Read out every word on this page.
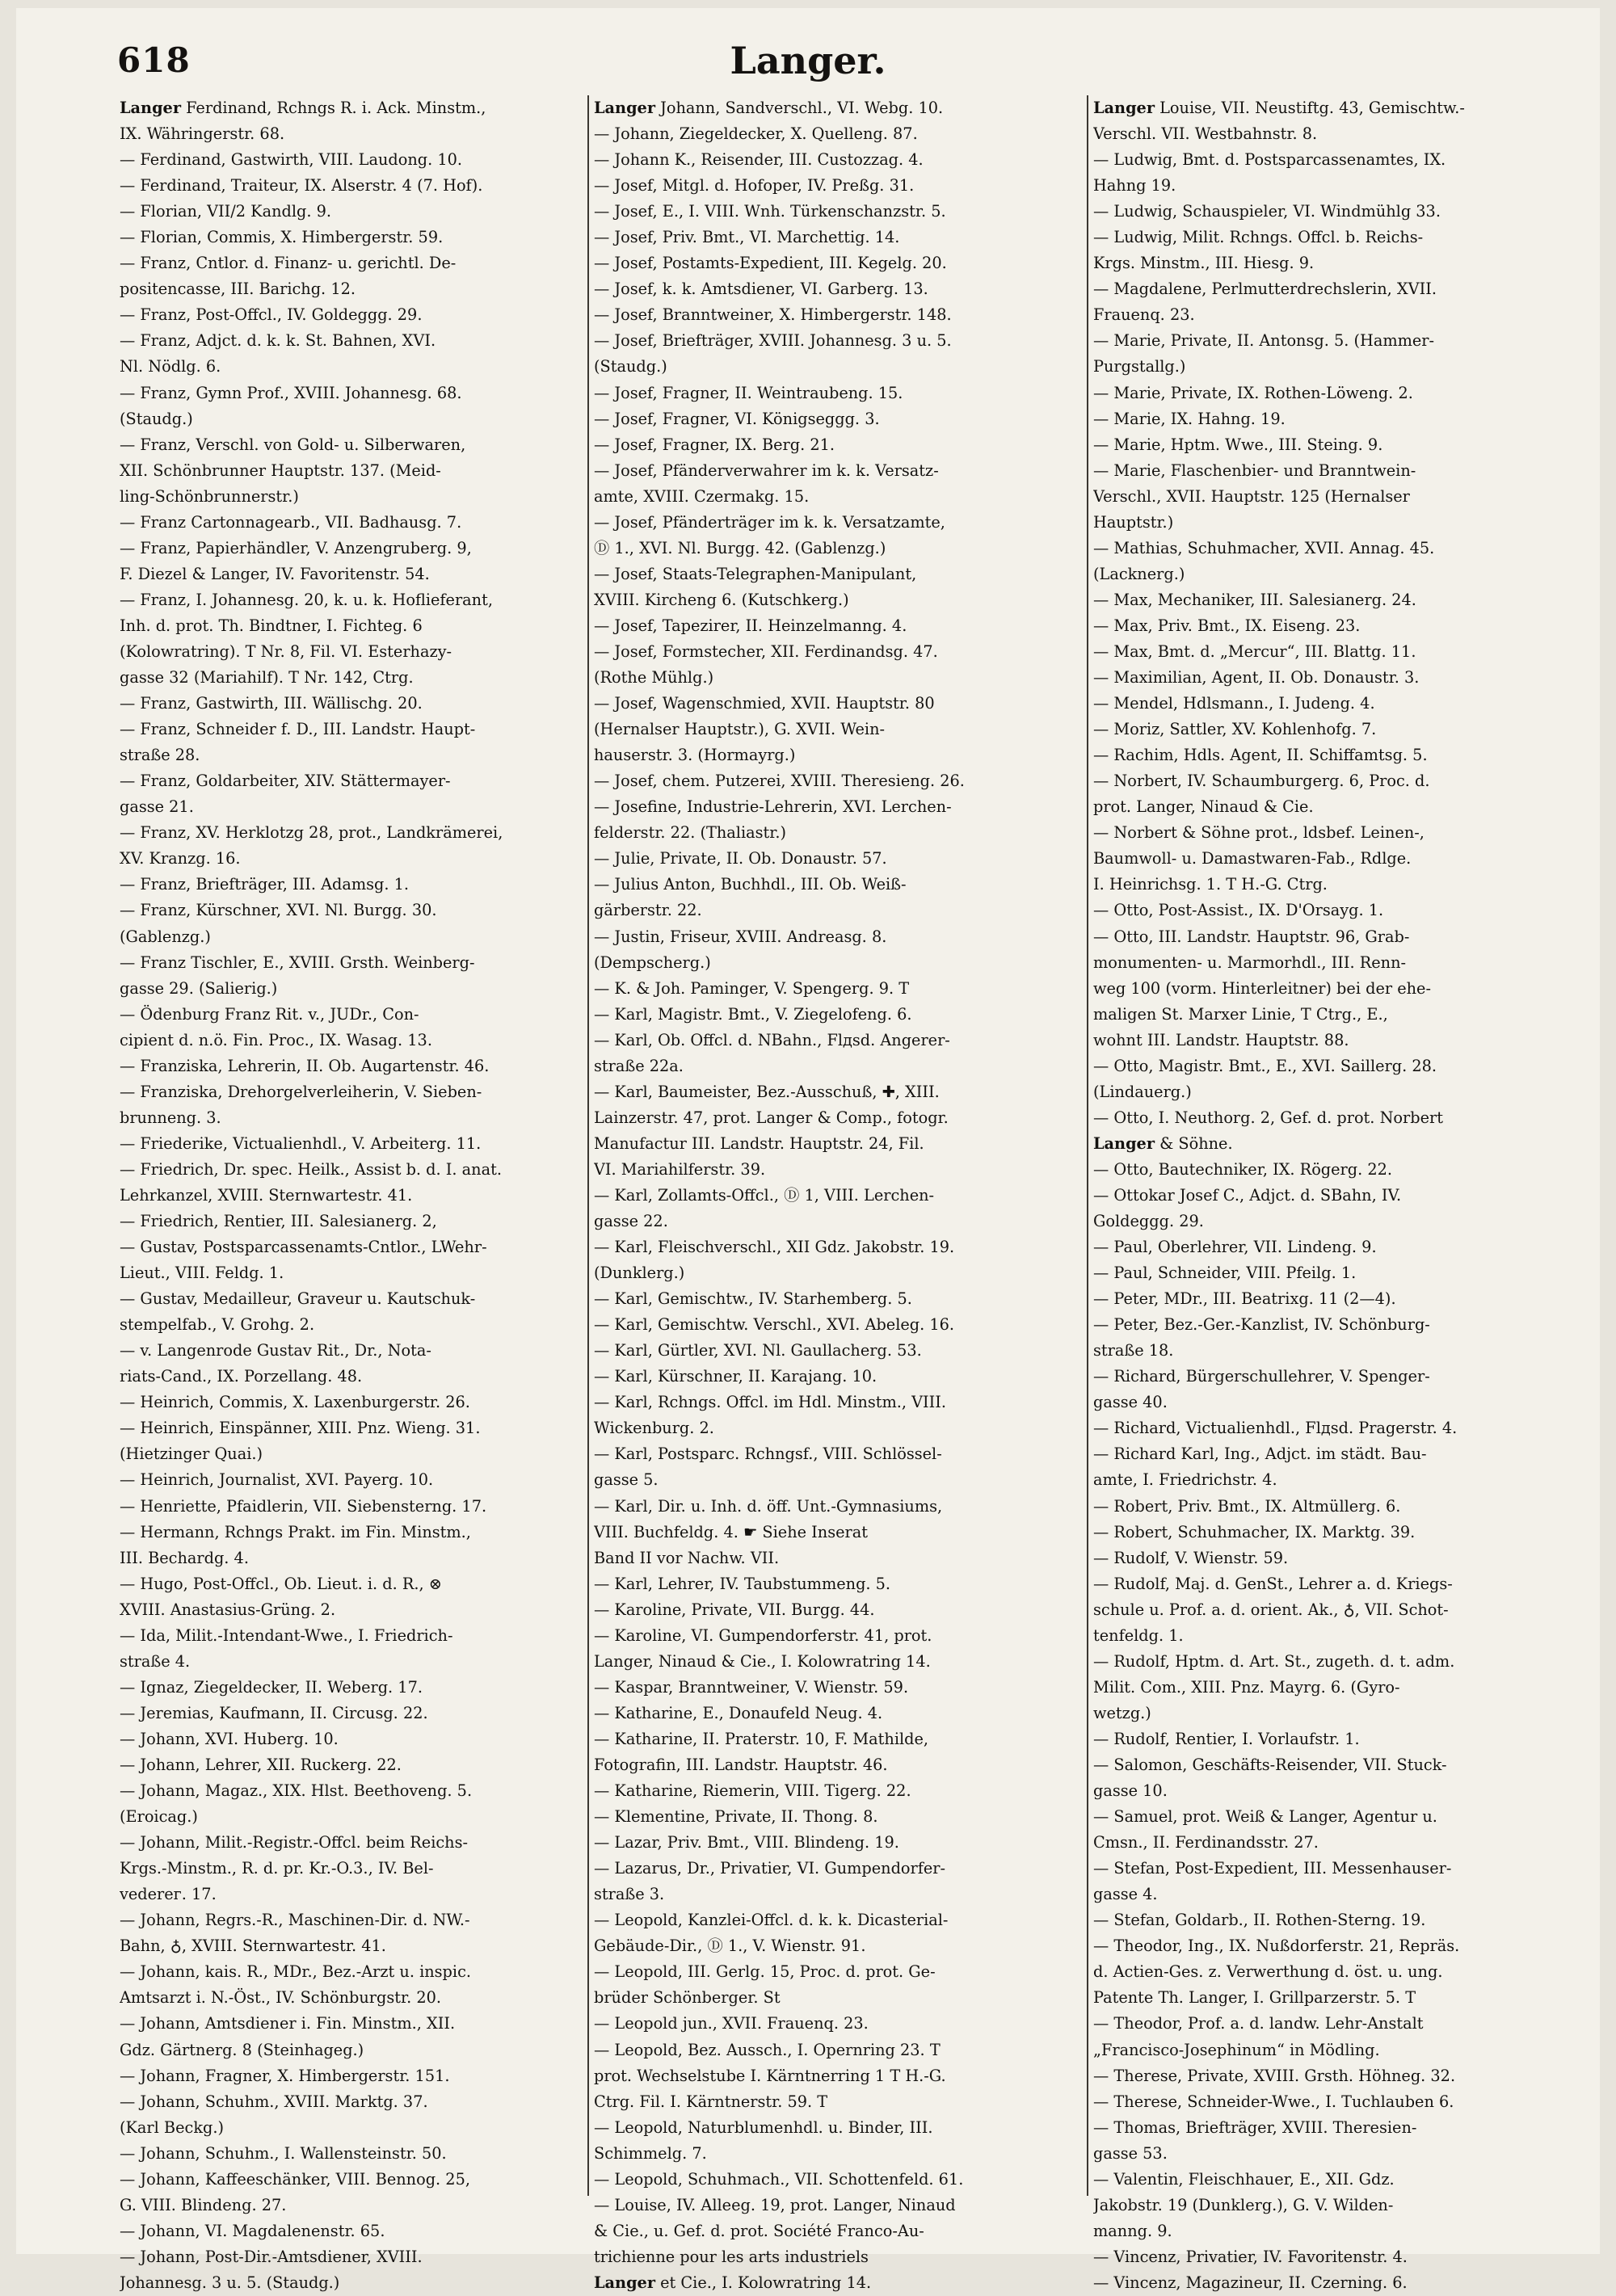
618	Langer.
Langer Ferdinand, Rchngs R. i. Ack. Minstm.,
IX. Währingerstr. 68.
— Ferdinand, Gastwirth, VIII. Laudong. 10.
— Ferdinand, Traiteur, IX. Alserstr. 4 (7. Hof).
— Florian, VII/2 Kandlg. 9.
— Florian, Commis, X. Himbergerstr. 59.
— Franz, Cntlor. d. Finanz- u. gerichtl. De-
positencasse, III. Barichg. 12.
— Franz, Post-Offcl., IV. Goldeggg. 29.
— Franz, Adjct. d. k. k. St. Bahnen, XVI.
Nl. Nödlg. 6.
— Franz, Gymn Prof., XVIII. Johannesg. 68.
(Staudg.)
— Franz, Verschl. von Gold- u. Silberwaren,
XII. Schönbrunner Hauptstr. 137. (Meid-
ling-Schönbrunnerstr.)
— Franz Cartonnagearb., VII. Badhausg. 7.
— Franz, Papierhändler, V. Anzengruberg. 9,
F. Diezel & Langer, IV. Favoritenstr. 54.
— Franz, I. Johannesg. 20, k. u. k. Hoflieferant,
Inh. d. prot. Th. Bindtner, I. Fichteg. 6
(Kolowratring). T Nr. 8, Fil. VI. Esterhazy-
gasse 32 (Mariahilf). T Nr. 142, Ctrg.
— Franz, Gastwirth, III. Wällischg. 20.
— Franz, Schneider f. D., III. Landstr. Haupt-
straße 28.
— Franz, Goldarbeiter, XIV. Stättermayer-
gasse 21.
— Franz, XV. Herklotzg 28, prot., Landkrämerei,
XV. Kranzg. 16.
— Franz, Briefträger, III. Adamsg. 1.
— Franz, Kürschner, XVI. Nl. Burgg. 30.
(Gablenzg.)
— Franz Tischler, E., XVIII. Grsth. Weinberg-
gasse 29. (Salierig.)
— Ödenburg Franz Rit. v., JUDr., Con-
cipient d. n.ö. Fin. Proc., IX. Wasag. 13.
— Franziska, Lehrerin, II. Ob. Augartenstr. 46.
— Franziska, Drehorgelverleiherin, V. Sieben-
brunneng. 3.
— Friederike, Victualienhdl., V. Arbeiterg. 11.
— Friedrich, Dr. spec. Heilk., Assist b. d. I. anat.
Lehrkanzel, XVIII. Sternwartestr. 41.
— Friedrich, Rentier, III. Salesianerg. 2,
— Gustav, Postsparcassenamts-Cntlor., LWehr-
Lieut., VIII. Feldg. 1.
— Gustav, Medailleur, Graveur u. Kautschuk-
stempelfab., V. Grohg. 2.
— v. Langenrode Gustav Rit., Dr., Nota-
riats-Cand., IX. Porzellang. 48.
— Heinrich, Commis, X. Laxenburgerstr. 26.
— Heinrich, Einspänner, XIII. Pnz. Wieng. 31.
(Hietzinger Quai.)
— Heinrich, Journalist, XVI. Payerg. 10.
— Henriette, Pfaidlerin, VII. Siebensterng. 17.
— Hermann, Rchngs Prakt. im Fin. Minstm.,
III. Bechardg. 4.
— Hugo, Post-Offcl., Ob. Lieut. i. d. R., ⊗
XVIII. Anastasius-Grüng. 2.
— Ida, Milit.-Intendant-Wwe., I. Friedrich-
straße 4.
— Ignaz, Ziegeldecker, II. Weberg. 17.
— Jeremias, Kaufmann, II. Circusg. 22.
— Johann, XVI. Huberg. 10.
— Johann, Lehrer, XII. Ruckerg. 22.
— Johann, Magaz., XIX. Hlst. Beethoveng. 5.
(Eroicag.)
— Johann, Milit.-Registr.-Offcl. beim Reichs-
Krgs.-Minstm., R. d. pr. Kr.-O.3., IV. Bel-
vederег. 17.
— Johann, Regrs.-R., Maschinen-Dir. d. NW.-
Bahn, ♁, XVIII. Sternwartestr. 41.
— Johann, kais. R., MDr., Bez.-Arzt u. inspic.
Amtsarzt i. N.-Öst., IV. Schönburgstr. 20.
— Johann, Amtsdiener i. Fin. Minstm., XII.
Gdz. Gärtnerg. 8 (Steinhageg.)
— Johann, Fragner, X. Himbergerstr. 151.
— Johann, Schuhm., XVIII. Marktg. 37.
(Karl Beckg.)
— Johann, Schuhm., I. Wallensteinstr. 50.
— Johann, Kaffeeschänker, VIII. Bennog. 25,
G. VIII. Blindeng. 27.
— Johann, VI. Magdalenenstr. 65.
— Johann, Post-Dir.-Amtsdiener, XVIII.
Johannesg. 3 u. 5. (Staudg.)
Langer Johann, Sandverschl., VI. Webg. 10.
— Johann, Ziegeldecker, X. Quelleng. 87.
— Johann K., Reisender, III. Custozzag. 4.
— Josef, Mitgl. d. Hofoper, IV. Preßg. 31.
— Josef, E., I. VIII. Wnh. Türkenschanzstr. 5.
— Josef, Priv. Bmt., VI. Marchettig. 14.
— Josef, Postamts-Expedient, III. Kegelg. 20.
— Josef, k. k. Amtsdiener, VI. Garberg. 13.
— Josef, Branntweiner, X. Himbergerstr. 148.
— Josef, Briefträger, XVIII. Johannesg. 3 u. 5.
(Staudg.)
— Josef, Fragner, II. Weintraubeng. 15.
— Josef, Fragner, VI. Königseggg. 3.
— Josef, Fragner, IX. Berg. 21.
— Josef, Pfänderverwahrer im k. k. Versatz-
amte, XVIII. Czermakg. 15.
— Josef, Pfänderträger im k. k. Versatzamte,
Ⓓ 1., XVI. Nl. Burgg. 42. (Gablenzg.)
— Josef, Staats-Telegraphen-Manipulant,
XVIII. Kircheng 6. (Kutschkerg.)
— Josef, Tapezirer, II. Heinzelmanng. 4.
— Josef, Formstecher, XII. Ferdinandsg. 47.
(Rothe Mühlg.)
— Josef, Wagenschmied, XVII. Hauptstr. 80
(Hernalser Hauptstr.), G. XVII. Wein-
hauserstr. 3. (Hormayrg.)
— Josef, chem. Putzerei, XVIII. Theresieng. 26.
— Josefine, Industrie-Lehrerin, XVI. Lerchen-
felderstr. 22. (Thaliastr.)
— Julie, Private, II. Ob. Donaustr. 57.
— Julius Anton, Buchhdl., III. Ob. Weiß-
gärberstr. 22.
— Justin, Friseur, XVIII. Andreasg. 8.
(Dempscherg.)
— K. & Joh. Paminger, V. Spengerg. 9. T
— Karl, Magistr. Bmt., V. Ziegelofeng. 6.
— Karl, Ob. Offcl. d. NBahn., Flдsd. Angerer-
straße 22a.
— Karl, Baumeister, Bez.-Ausschuß, ✚, XIII.
Lainzerstr. 47, prot. Langer & Comp., fotogr.
Manufactur III. Landstr. Hauptstr. 24, Fil.
VI. Mariahilferstr. 39.
— Karl, Zollamts-Offcl., Ⓓ 1, VIII. Lerchen-
gasse 22.
— Karl, Fleischverschl., XII Gdz. Jakobstr. 19.
(Dunklerg.)
— Karl, Gemischtw., IV. Starhemberg. 5.
— Karl, Gemischtw. Verschl., XVI. Abeleg. 16.
— Karl, Gürtler, XVI. Nl. Gaullacherg. 53.
— Karl, Kürschner, II. Karajang. 10.
— Karl, Rchngs. Offcl. im Hdl. Minstm., VIII.
Wickenburg. 2.
— Karl, Postsparc. Rchngsf., VIII. Schlössel-
gasse 5.
— Karl, Dir. u. Inh. d. öff. Unt.-Gymnasiums,
VIII. Buchfeldg. 4. ☛ Siehe Inserat
Band II vor Nachw. VII.
— Karl, Lehrer, IV. Taubstummeng. 5.
— Karoline, Private, VII. Burgg. 44.
— Karoline, VI. Gumpendorferstr. 41, prot.
Langer, Ninaud & Cie., I. Kolowratring 14.
— Kaspar, Branntweiner, V. Wienstr. 59.
— Katharine, E., Donaufeld Neug. 4.
— Katharine, II. Praterstr. 10, F. Mathilde,
Fotografin, III. Landstr. Hauptstr. 46.
— Katharine, Riemerin, VIII. Tigerg. 22.
— Klementine, Private, II. Thong. 8.
— Lazar, Priv. Bmt., VIII. Blindeng. 19.
— Lazarus, Dr., Privatier, VI. Gumpendorfer-
straße 3.
— Leopold, Kanzlei-Offcl. d. k. k. Dicasterial-
Gebäude-Dir., Ⓓ 1., V. Wienstr. 91.
— Leopold, III. Gerlg. 15, Proc. d. prot. Ge-
brüder Schönberger. St
— Leopold jun., XVII. Frauenq. 23.
— Leopold, Bez. Aussch., I. Opernring 23. T
prot. Wechselstube I. Kärntnerring 1 T H.-G.
Ctrg. Fil. I. Kärntnerstr. 59. T
— Leopold, Naturblumenhdl. u. Binder, III.
Schimmelg. 7.
— Leopold, Schuhmach., VII. Schottenfeld. 61.
— Louise, IV. Alleeg. 19, prot. Langer, Ninaud
& Cie., u. Gef. d. prot. Société Franco-Au-
trichienne pour les arts industriels
Langer et Cie., I. Kolowratring 14.
Langer Louise, VII. Neustiftg. 43, Gemischtw.-
Verschl. VII. Westbahnstr. 8.
— Ludwig, Bmt. d. Postsparcassenamtes, IX.
Hahng 19.
— Ludwig, Schauspieler, VI. Windmühlg 33.
— Ludwig, Milit. Rchngs. Offcl. b. Reichs-
Krgs. Minstm., III. Hiesg. 9.
— Magdalene, Perlmutterdrechslerin, XVII.
Frauenq. 23.
— Marie, Private, II. Antonsg. 5. (Hammer-
Purgstallg.)
— Marie, Private, IX. Rothen-Löweng. 2.
— Marie, IX. Hahng. 19.
— Marie, Hptm. Wwe., III. Steing. 9.
— Marie, Flaschenbier- und Branntwein-
Verschl., XVII. Hauptstr. 125 (Hernalser
Hauptstr.)
— Mathias, Schuhmacher, XVII. Annag. 45.
(Lacknerg.)
— Max, Mechaniker, III. Salesianerg. 24.
— Max, Priv. Bmt., IX. Eiseng. 23.
— Max, Bmt. d. „Mercur“, III. Blattg. 11.
— Maximilian, Agent, II. Ob. Donaustr. 3.
— Mendel, Hdlsmann., I. Judeng. 4.
— Moriz, Sattler, XV. Kohlenhofg. 7.
— Rachim, Hdls. Agent, II. Schiffamtsg. 5.
— Norbert, IV. Schaumburgerg. 6, Proc. d.
prot. Langer, Ninaud & Cie.
— Norbert & Söhne prot., ldsbef. Leinen-,
Baumwoll- u. Damastwaren-Fab., Rdlge.
I. Heinrichsg. 1. T H.-G. Ctrg.
— Otto, Post-Assist., IX. D'Orsayg. 1.
— Otto, III. Landstr. Hauptstr. 96, Grab-
monumenten- u. Marmorhdl., III. Renn-
weg 100 (vorm. Hinterleitner) bei der ehe-
maligen St. Marxer Linie, T Ctrg., E.,
wohnt III. Landstr. Hauptstr. 88.
— Otto, Magistr. Bmt., E., XVI. Saillerg. 28.
(Lindauerg.)
— Otto, I. Neuthorg. 2, Gef. d. prot. Norbert
Langer & Söhne.
— Otto, Bautechniker, IX. Rögerg. 22.
— Ottokar Josef C., Adjct. d. SBahn, IV.
Goldeggg. 29.
— Paul, Oberlehrer, VII. Lindeng. 9.
— Paul, Schneider, VIII. Pfeilg. 1.
— Peter, MDr., III. Beatrixg. 11 (2—4).
— Peter, Bez.-Ger.-Kanzlist, IV. Schönburg-
straße 18.
— Richard, Bürgerschullehrer, V. Spenger-
gasse 40.
— Richard, Victualienhdl., Flдsd. Pragerstr. 4.
— Richard Karl, Ing., Adjct. im städt. Bau-
amte, I. Friedrichstr. 4.
— Robert, Priv. Bmt., IX. Altmüllerg. 6.
— Robert, Schuhmacher, IX. Marktg. 39.
— Rudolf, V. Wienstr. 59.
— Rudolf, Maj. d. GenSt., Lehrer a. d. Kriegs-
schule u. Prof. a. d. orient. Ak., ♁, VII. Schot-
tenfeldg. 1.
— Rudolf, Hptm. d. Art. St., zugeth. d. t. adm.
Milit. Com., XIII. Pnz. Mayrg. 6. (Gyro-
wetzg.)
— Rudolf, Rentier, I. Vorlaufstr. 1.
— Salomon, Geschäfts-Reisender, VII. Stuck-
gasse 10.
— Samuel, prot. Weiß & Langer, Agentur u.
Cmsn., II. Ferdinandsstr. 27.
— Stefan, Post-Expedient, III. Messenhauser-
gasse 4.
— Stefan, Goldarb., II. Rothen-Sterng. 19.
— Theodor, Ing., IX. Nußdorferstr. 21, Repräs.
d. Actien-Ges. z. Verwerthung d. öst. u. ung.
Patente Th. Langer, I. Grillparzerstr. 5. T
— Theodor, Prof. a. d. landw. Lehr-Anstalt
„Francisco-Josephinum“ in Mödling.
— Therese, Private, XVIII. Grsth. Höhneg. 32.
— Therese, Schneider-Wwe., I. Tuchlauben 6.
— Thomas, Briefträger, XVIII. Theresien-
gasse 53.
— Valentin, Fleischhauer, E., XII. Gdz.
Jakobstr. 19 (Dunklerg.), G. V. Wilden-
manng. 9.
— Vincenz, Privatier, IV. Favoritenstr. 4.
— Vincenz, Magazineur, II. Czerning. 6.
